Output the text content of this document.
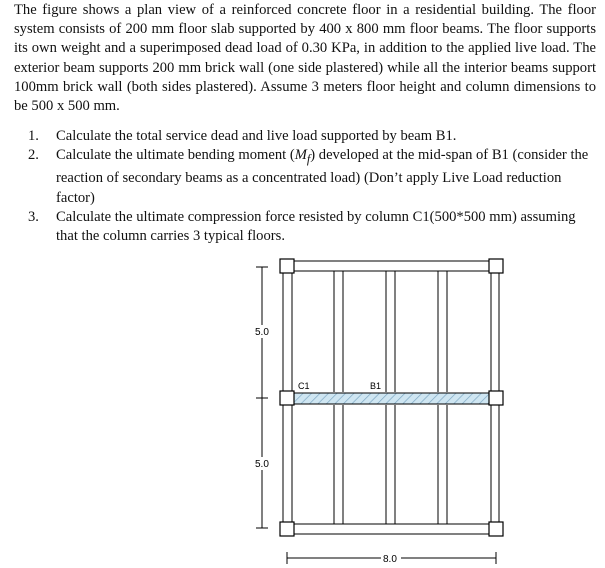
The figure shows a plan view of a reinforced concrete floor in a residential building. The floor system consists of 200 mm floor slab supported by 400 x 800 mm floor beams. The floor supports its own weight and a superimposed dead load of 0.30 KPa, in addition to the applied live load. The exterior beam supports 200 mm brick wall (one side plastered) while all the interior beams support 100mm brick wall (both sides plastered). Assume 3 meters floor height and column dimensions to be 500 x 500 mm.

1.	Calculate the total service dead and live load supported by beam B1.
2.	Calculate the ultimate bending moment $(M_f)$ developed at the mid-span of B1 (consider the reaction of secondary beams as a concentrated load) (Don’t apply Live Load reduction factor)
3.	Calculate the ultimate compression force resisted by column C1(500*500 mm) assuming that the column carries 3 typical floors.
C1	B1
5.0
5.0
8.0
